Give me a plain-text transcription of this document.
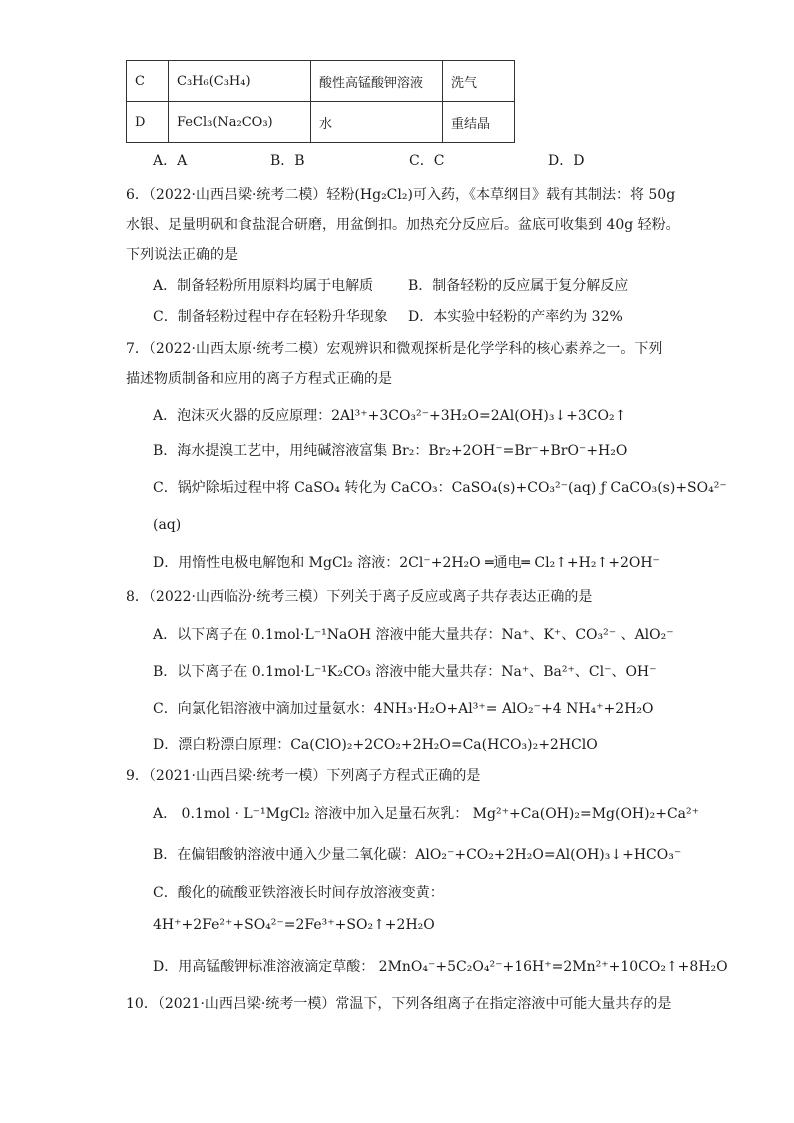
C	C₃H₆(C₃H₄)	酸性高锰酸钾溶液	洗气
D	FeCl₃(Na₂CO₃)	水	重结晶
A．A	B．B	C．C	D．D
6．（2022·山西吕梁·统考二模）轻粉(Hg₂Cl₂)可入药，《本草纲目》载有其制法：将 50g
水银、足量明矾和食盐混合研磨，用盆倒扣。加热充分反应后。盆底可收集到 40g 轻粉。
下列说法正确的是
A．制备轻粉所用原料均属于电解质 B．制备轻粉的反应属于复分解反应
C．制备轻粉过程中存在轻粉升华现象 D．本实验中轻粉的产率约为 32%
7．（2022·山西太原·统考二模）宏观辨识和微观探析是化学学科的核心素养之一。下列
描述物质制备和应用的离子方程式正确的是
A．泡沫灭火器的反应原理：2Al³⁺+3CO₃²⁻+3H₂O=2Al(OH)₃↓+3CO₂↑
B．海水提溴工艺中，用纯碱溶液富集 Br₂：Br₂+2OH⁻=Br⁻+BrO⁻+H₂O
C．锅炉除垢过程中将 CaSO₄ 转化为 CaCO₃：CaSO₄(s)+CO₃²⁻(aq) ƒ CaCO₃(s)+SO₄²⁻
(aq)
D．用惰性电极电解饱和 MgCl₂ 溶液：2Cl⁻+2H₂O ═通电═ Cl₂↑+H₂↑+2OH⁻
8．（2022·山西临汾·统考三模）下列关于离子反应或离子共存表达正确的是
A．以下离子在 0.1mol·L⁻¹NaOH 溶液中能大量共存：Na⁺、K⁺、CO₃²⁻ 、AlO₂⁻
B．以下离子在 0.1mol·L⁻¹K₂CO₃ 溶液中能大量共存：Na⁺、Ba²⁺、Cl⁻、OH⁻
C．向氯化铝溶液中滴加过量氨水：4NH₃·H₂O+Al³⁺= AlO₂⁻+4 NH₄⁺+2H₂O
D．漂白粉漂白原理：Ca(ClO)₂+2CO₂+2H₂O=Ca(HCO₃)₂+2HClO
9．（2021·山西吕梁·统考一模）下列离子方程式正确的是
A． 0.1mol · L⁻¹MgCl₂ 溶液中加入足量石灰乳： Mg²⁺+Ca(OH)₂=Mg(OH)₂+Ca²⁺
B．在偏铝酸钠溶液中通入少量二氧化碳：AlO₂⁻+CO₂+2H₂O=Al(OH)₃↓+HCO₃⁻
C．酸化的硫酸亚铁溶液长时间存放溶液变黄：
4H⁺+2Fe²⁺+SO₄²⁻=2Fe³⁺+SO₂↑+2H₂O
D．用高锰酸钾标准溶液滴定草酸： 2MnO₄⁻+5C₂O₄²⁻+16H⁺=2Mn²⁺+10CO₂↑+8H₂O
10．（2021·山西吕梁·统考一模）常温下，下列各组离子在指定溶液中可能大量共存的是
